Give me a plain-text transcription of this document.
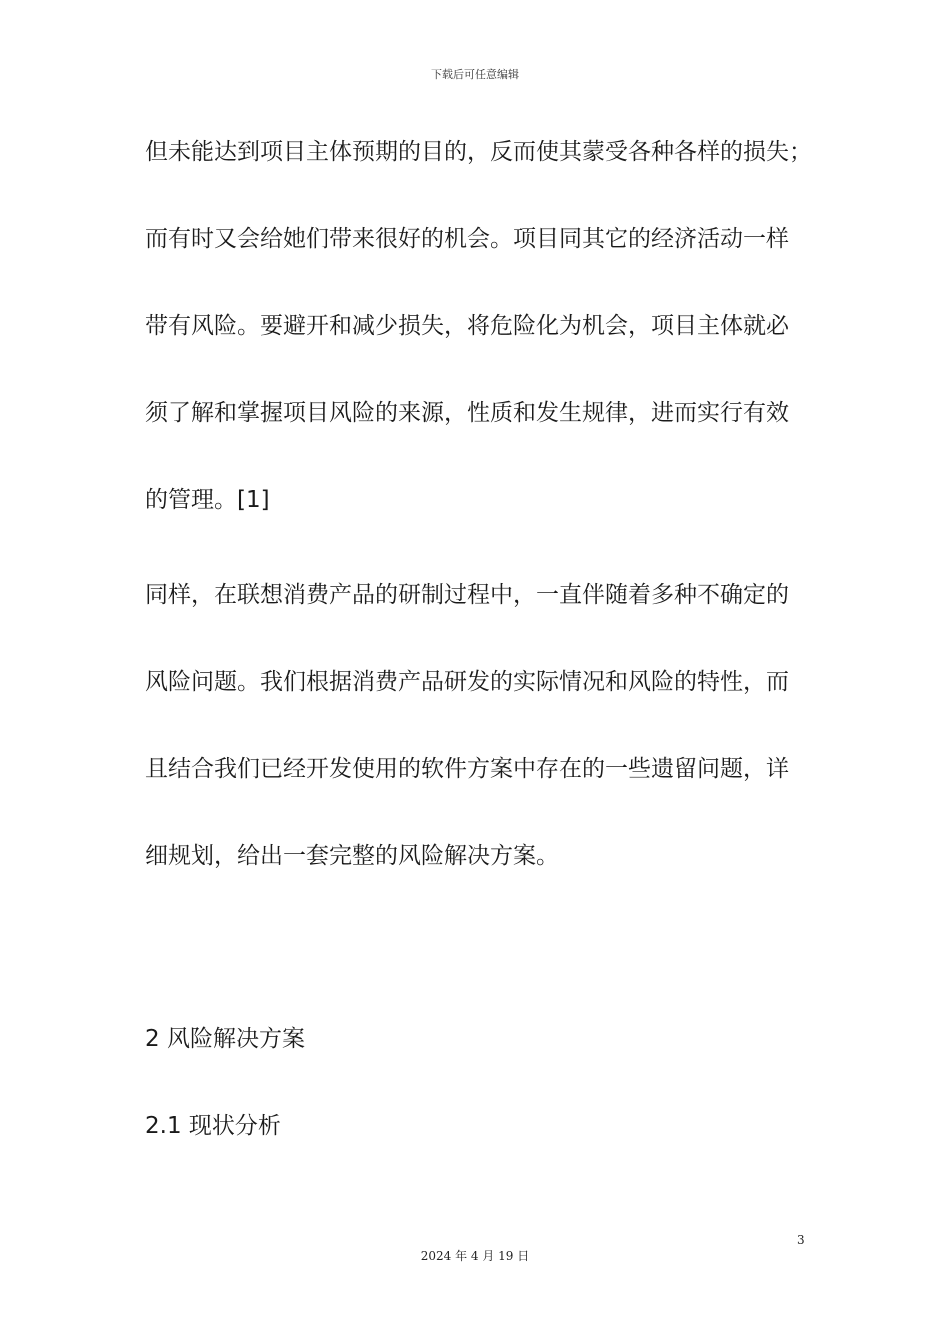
下载后可任意编辑
但未能达到项目主体预期的目的，反而使其蒙受各种各样的损失；
而有时又会给她们带来很好的机会。项目同其它的经济活动一样
带有风险。要避开和减少损失，将危险化为机会，项目主体就必
须了解和掌握项目风险的来源，性质和发生规律，进而实行有效
的管理。[1]
同样，在联想消费产品的研制过程中，一直伴随着多种不确定的
风险问题。我们根据消费产品研发的实际情况和风险的特性，而
且结合我们已经开发使用的软件方案中存在的一些遗留问题，详
细规划，给出一套完整的风险解决方案。
2 风险解决方案
2.1 现状分析
3
2024 年 4 月 19 日
